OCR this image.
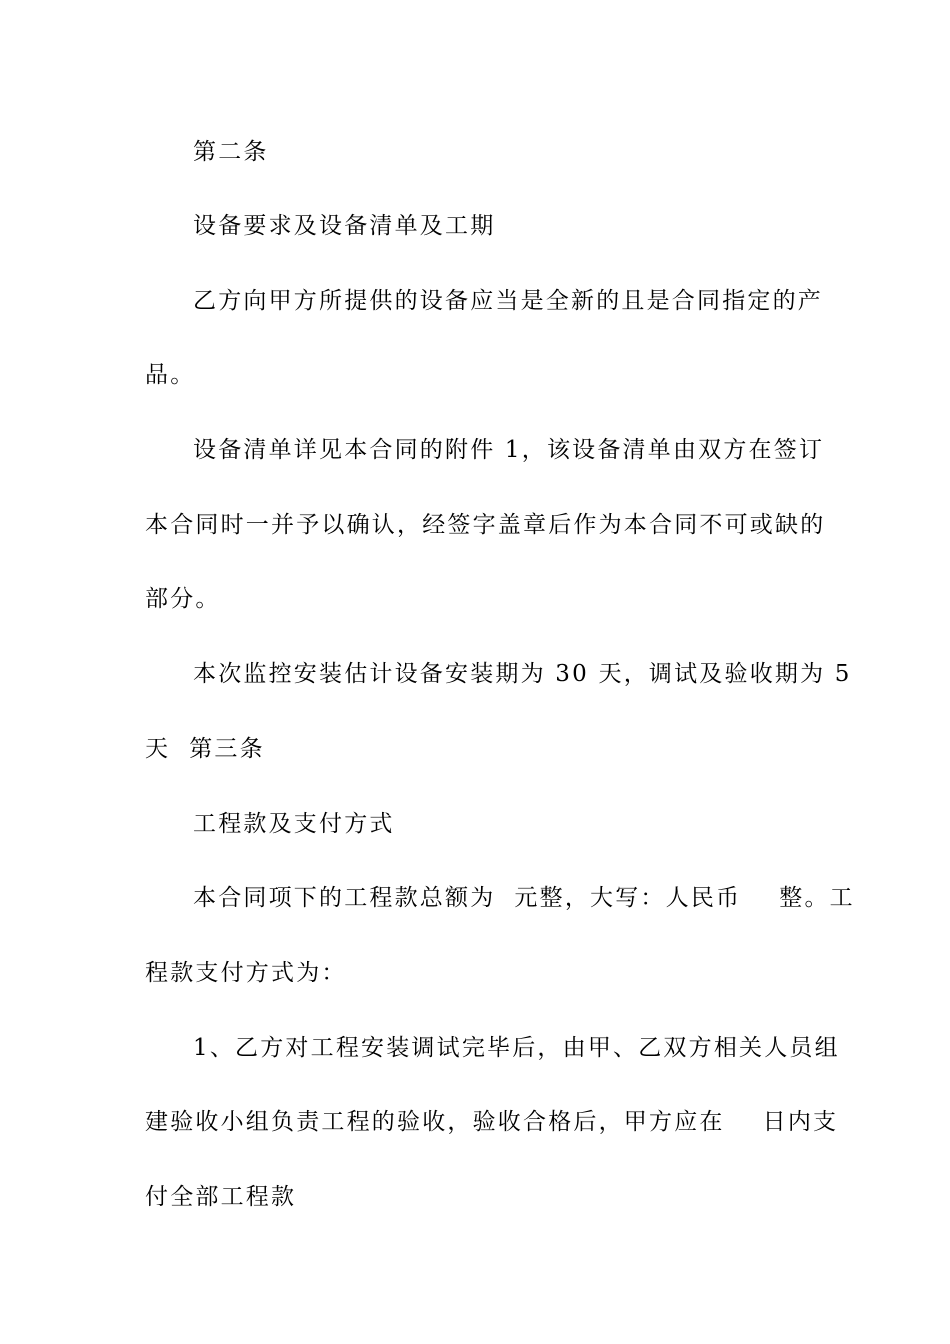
第二条
设备要求及设备清单及工期
乙方向甲方所提供的设备应当是全新的且是合同指定的产
品。
设备清单详见本合同的附件 1，该设备清单由双方在签订
本合同时一并予以确认，经签字盖章后作为本合同不可或缺的
部分。
本次监控安装估计设备安装期为 30 天，调试及验收期为 5
天  第三条
工程款及支付方式
本合同项下的工程款总额为  元整，大写：人民币    整。工
程款支付方式为：
1、乙方对工程安装调试完毕后，由甲、乙双方相关人员组
建验收小组负责工程的验收，验收合格后，甲方应在    日内支
付全部工程款
